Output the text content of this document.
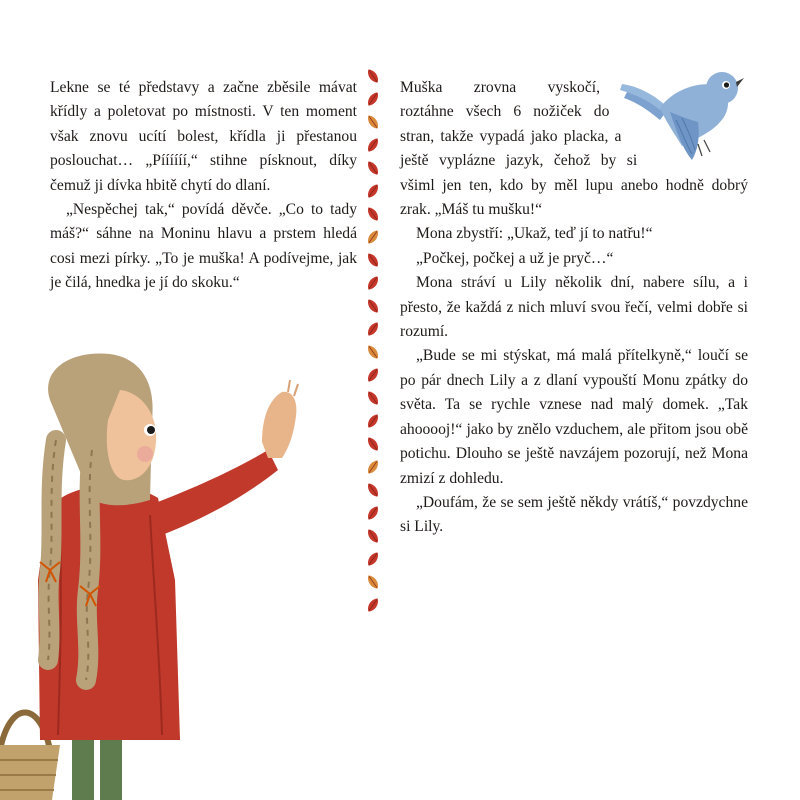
Lekne se té představy a začne zběsile mávat křídly a poletovat po místnosti. V ten moment však znovu ucítí bolest, křídla ji přestanou poslouchat… „Píííííí,“ stihne písknout, díky čemuž ji dívka hbitě chytí do dlaní.

„Nespěchej tak,“ povídá děvče. „Co to tady máš?“ sáhne na Moninu hlavu a prstem hledá cosi mezi pírky. „To je muška! A podívejme, jak je čilá, hnedka je jí do skoku.“

Muška zrovna vyskočí, roztáhne všech 6 nožiček do stran, takže vypadá jako placka, a ještě vyplázne jazyk, čehož by si všiml jen ten, kdo by měl lupu anebo hodně dobrý zrak. „Máš tu mušku!“

Mona zbystří: „Ukaž, teď jí to natřu!“

„Počkej, počkej a už je pryč…“

Mona stráví u Lily několik dní, nabere sílu, a i přesto, že každá z nich mluví svou řečí, velmi dobře si rozumí.

„Bude se mi stýskat, má malá přítelkyně,“ loučí se po pár dnech Lily a z dlaní vypouští Monu zpátky do světa. Ta se rychle vznese nad malý domek. „Tak ahooooj!“ jako by znělo vzduchem, ale přitom jsou obě potichu. Dlouho se ještě navzájem pozorují, než Mona zmizí z dohledu.

„Doufám, že se sem ještě někdy vrátíš,“ povzdychne si Lily.
